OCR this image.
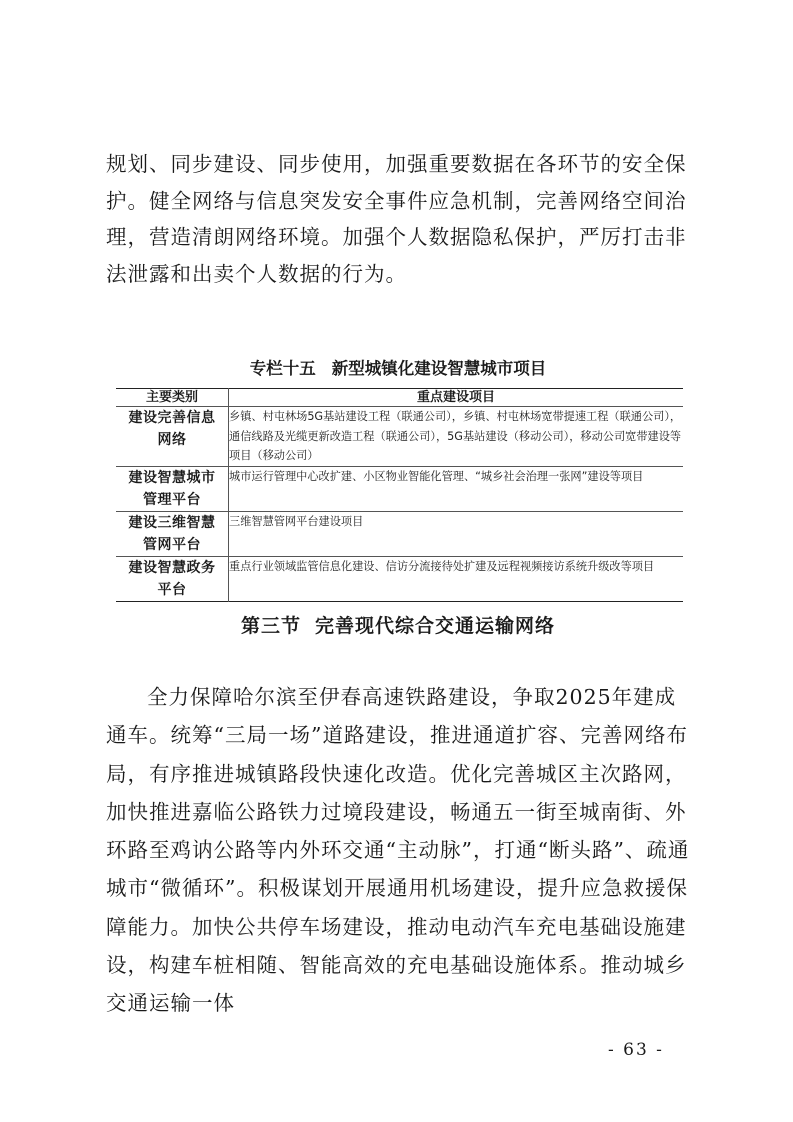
规划、同步建设、同步使用，加强重要数据在各环节的安全保护。健全网络与信息突发安全事件应急机制，完善网络空间治理，营造清朗网络环境。加强个人数据隐私保护，严厉打击非法泄露和出卖个人数据的行为。

专栏十五 新型城镇化建设智慧城市项目

主要类别	重点建设项目

建设完善信息
网络	乡镇、村屯林场5G基站建设工程（联通公司），乡镇、村屯林场宽带提速工程（联通公司），通信线路及光缆更新改造工程（联通公司），5G基站建设（移动公司），移动公司宽带建设等项目（移动公司）

建设智慧城市
管理平台	城市运行管理中心改扩建、小区物业智能化管理、“城乡社会治理一张网”建设等项目

建设三维智慧
管网平台	三维智慧管网平台建设项目

建设智慧政务
平台	重点行业领域监管信息化建设、信访分流接待处扩建及远程视频接访系统升级改等项目
第三节 完善现代综合交通运输网络

全力保障哈尔滨至伊春高速铁路建设，争取2025年建成通车。统筹“三局一场”道路建设，推进通道扩容、完善网络布局，有序推进城镇路段快速化改造。优化完善城区主次路网，加快推进嘉临公路铁力过境段建设，畅通五一街至城南街、外环路至鸡讷公路等内外环交通“主动脉”，打通“断头路”、疏通城市“微循环”。积极谋划开展通用机场建设，提升应急救援保障能力。加快公共停车场建设，推动电动汽车充电基础设施建设，构建车桩相随、智能高效的充电基础设施体系。推动城乡交通运输一体

- 63 -
